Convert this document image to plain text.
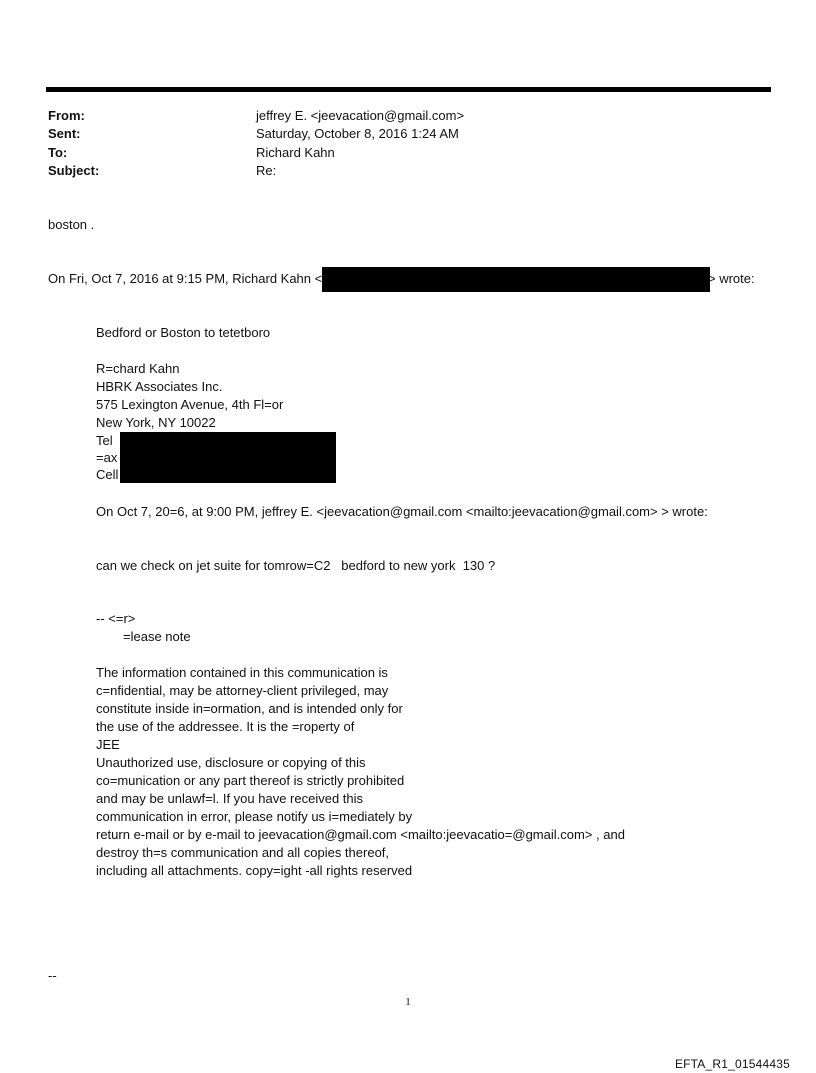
From:	jeffrey E. <jeevacation@gmail.com>
Sent:	Saturday, October 8, 2016 1:24 AM
To:	Richard Kahn
Subject:	Re:
boston .
On Fri, Oct 7, 2016 at 9:15 PM, Richard Kahn <	> wrote:
Bedford or Boston to tetetboro
R=chard Kahn
HBRK Associates Inc.
575 Lexington Avenue, 4th Fl=or
New York, NY 10022
Tel
=ax
Cell
On Oct 7, 20=6, at 9:00 PM, jeffrey E. <jeevacation@gmail.com <mailto:jeevacation@gmail.com> > wrote:
can we check on jet suite for tomrow=C2   bedford to new york  130 ?
-- <=r>
=lease note
The information contained in this communication is
c=nfidential, may be attorney-client privileged, may
constitute inside in=ormation, and is intended only for
the use of the addressee. It is the =roperty of
JEE
Unauthorized use, disclosure or copying of this
co=munication or any part thereof is strictly prohibited
and may be unlawf=l. If you have received this
communication in error, please notify us i=mediately by
return e-mail or by e-mail to jeevacation@gmail.com <mailto:jeevacatio=@gmail.com> , and
destroy th=s communication and all copies thereof,
including all attachments. copy=ight -all rights reserved
--
1
EFTA_R1_01544435
